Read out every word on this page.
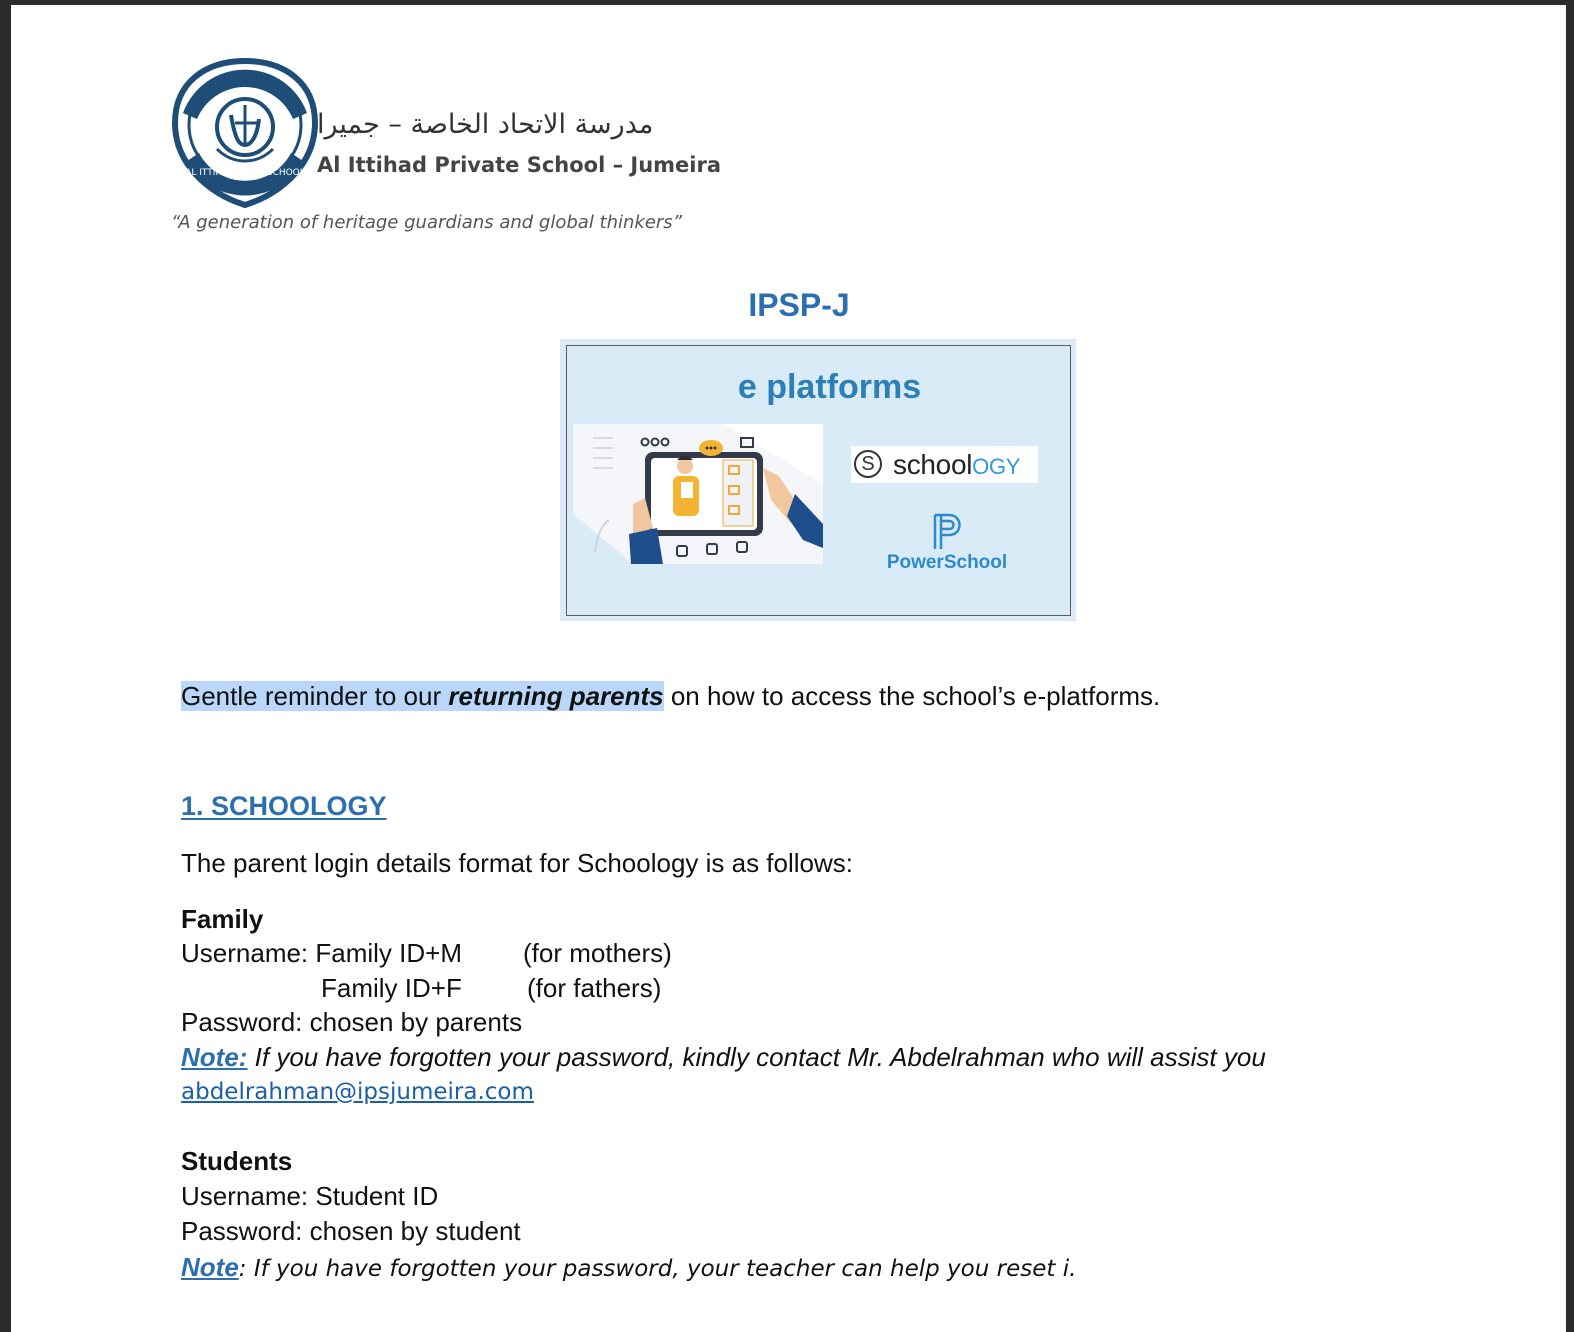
AL ITTIHAD (PVT.) SCHOOL
مدرسة الاتحاد الخاصة – جميرا
Al Ittihad Private School – Jumeira
“A generation of heritage guardians and global thinkers”
IPSP-J
e platforms
S schoolOGY
PowerSchool
Gentle reminder to our returning parents on how to access the school’s e-platforms.
1. SCHOOLOGY
The parent login details format for Schoology is as follows:
Family
Username: Family ID+M (for mothers)
Family ID+F	(for fathers)
Password: chosen by parents
Note: If you have forgotten your password, kindly contact Mr. Abdelrahman who will assist you
abdelrahman@ipsjumeira.com
Students
Username: Student ID
Password: chosen by student
Note: If you have forgotten your password, your teacher can help you reset i.
